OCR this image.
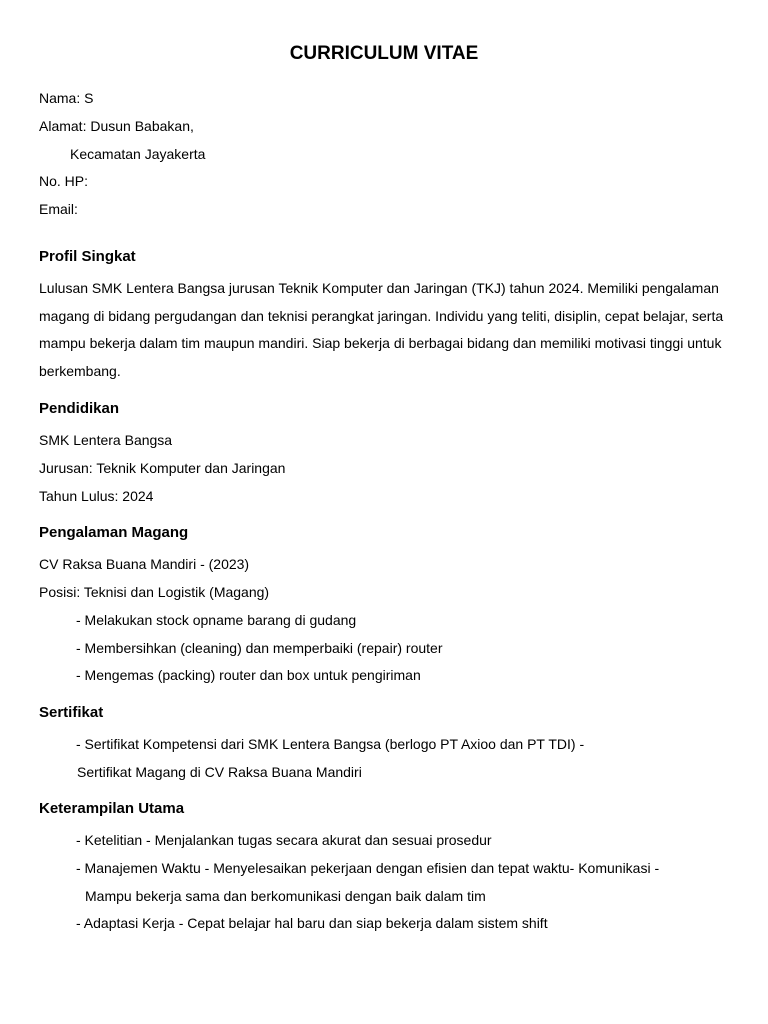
CURRICULUM VITAE
Nama: S
Alamat: Dusun Babakan,
Kecamatan Jayakerta
No. HP:
Email:
Profil Singkat
Lulusan SMK Lentera Bangsa jurusan Teknik Komputer dan Jaringan (TKJ) tahun 2024. Memiliki pengalaman
magang di bidang pergudangan dan teknisi perangkat jaringan. Individu yang teliti, disiplin, cepat belajar, serta
mampu bekerja dalam tim maupun mandiri. Siap bekerja di berbagai bidang dan memiliki motivasi tinggi untuk
berkembang.
Pendidikan
SMK Lentera Bangsa
Jurusan: Teknik Komputer dan Jaringan
Tahun Lulus: 2024
Pengalaman Magang
CV Raksa Buana Mandiri - (2023)
Posisi: Teknisi dan Logistik (Magang)
- Melakukan stock opname barang di gudang
- Membersihkan (cleaning) dan memperbaiki (repair) router
- Mengemas (packing) router dan box untuk pengiriman
Sertifikat
- Sertifikat Kompetensi dari SMK Lentera Bangsa (berlogo PT Axioo dan PT TDI) -
Sertifikat Magang di CV Raksa Buana Mandiri
Keterampilan Utama
- Ketelitian - Menjalankan tugas secara akurat dan sesuai prosedur
- Manajemen Waktu - Menyelesaikan pekerjaan dengan efisien dan tepat waktu- Komunikasi -
Mampu bekerja sama dan berkomunikasi dengan baik dalam tim
- Adaptasi Kerja - Cepat belajar hal baru dan siap bekerja dalam sistem shift
